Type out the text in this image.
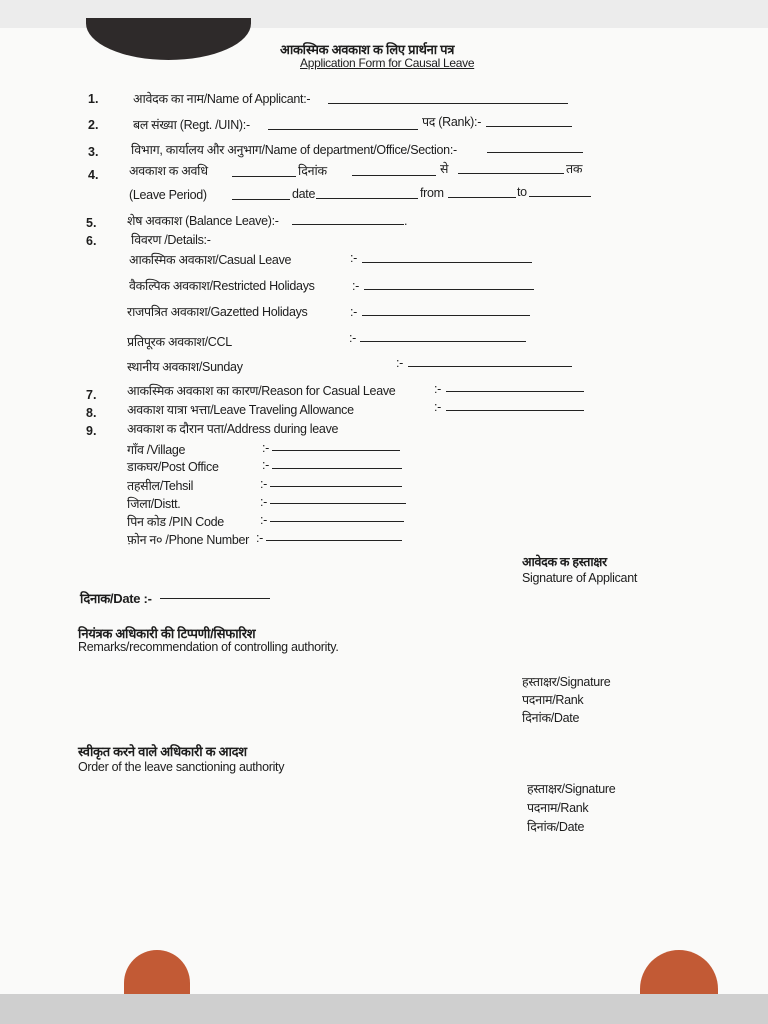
आकस्मिक अवकाश क लिए प्रार्थना पत्र
Application Form for Causal Leave
1.	आवेदक का नाम/Name of Applicant:-
2.	बल संख्या (Regt. /UIN):-	पद (Rank):-
3.	विभाग, कार्यालय और अनुभाग/Name of department/Office/Section:-
4. अवकाश क अवधि	दिनांक	से	तक
(Leave Period)	date	from	to
5. शेष अवकाश (Balance Leave):-	.
6.	विवरण /Details:-
आकस्मिक अवकाश/Casual Leave	:-
वैकल्पिक अवकाश/Restricted Holidays	:-
राजपत्रित अवकाश/Gazetted Holidays	:-
प्रतिपूरक अवकाश/CCL	:-
स्थानीय अवकाश/Sunday	:-
7. आकस्मिक अवकाश का कारण/Reason for Casual Leave	:-
8. अवकाश यात्रा भत्ता/Leave Traveling Allowance	:-
9. अवकाश क दौरान पता/Address during leave
गाँव /Village	:-
डाकघर/Post Office	:-
तहसील/Tehsil	:-
जिला/Distt.	:-
पिन कोड /PIN Code	:-
फ़ोन न० /Phone Number :-
आवेदक क हस्ताक्षर
Signature of Applicant
दिनाक/Date :-
नियंत्रक अधिकारी की टिप्पणी/सिफारिश
Remarks/recommendation of controlling authority.
हस्ताक्षर/Signature
पदनाम/Rank
दिनांक/Date
स्वीकृत करने वाले अधिकारी क आदश
Order of the leave sanctioning authority
हस्ताक्षर/Signature
पदनाम/Rank
दिनांक/Date
